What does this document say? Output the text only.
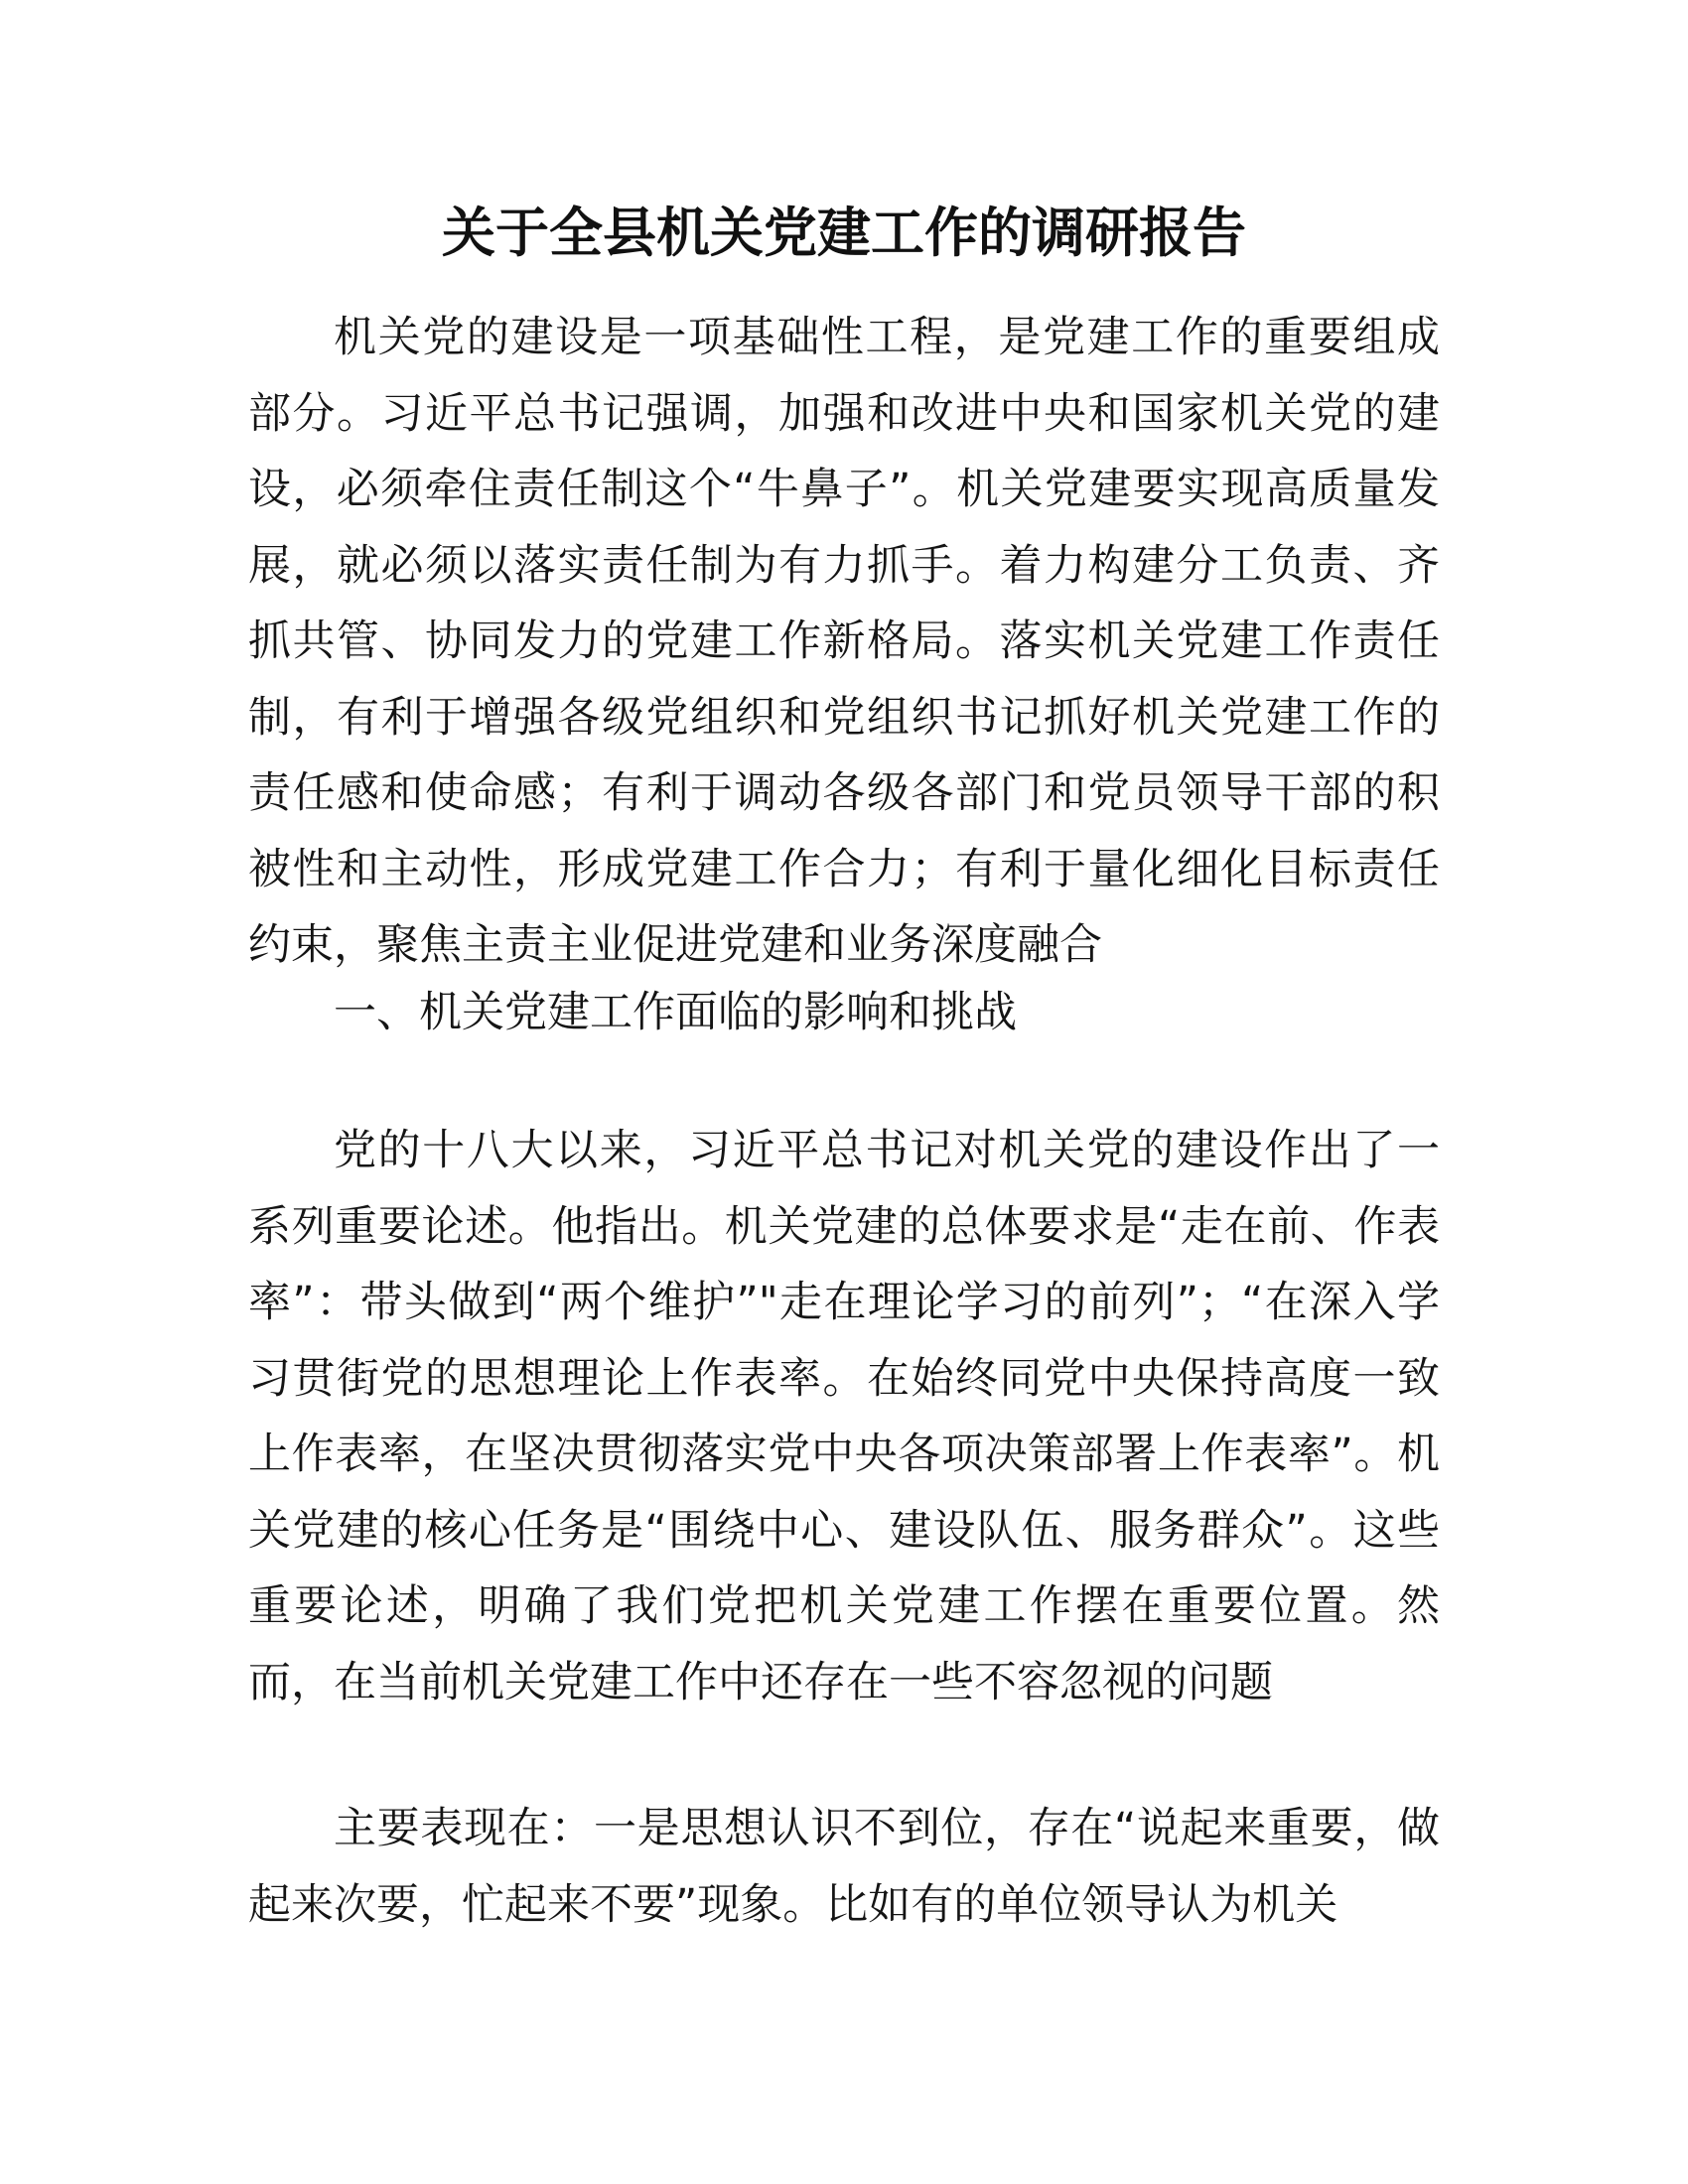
关于全县机关党建工作的调研报告

机关党的建设是一项基础性工程，是党建工作的重要组成部分。习近平总书记强调，加强和改进中央和国家机关党的建设，必须牵住责任制这个“牛鼻子”。机关党建要实现高质量发展，就必须以落实责任制为有力抓手。着力构建分工负责、齐抓共管、协同发力的党建工作新格局。落实机关党建工作责任制，有利于增强各级党组织和党组织书记抓好机关党建工作的责任感和使命感；有利于调动各级各部门和党员领导干部的积被性和主动性，形成党建工作合力；有利于量化细化目标责任约束，聚焦主责主业促进党建和业务深度融合

一、机关党建工作面临的影响和挑战

党的十八大以来，习近平总书记对机关党的建设作出了一系列重要论述。他指出。机关党建的总体要求是“走在前、作表率”：带头做到“两个维护”"走在理论学习的前列”；“在深入学习贯街党的思想理论上作表率。在始终同党中央保持高度一致上作表率，在坚决贯彻落实党中央各项决策部署上作表率”。机关党建的核心任务是“围绕中心、建设队伍、服务群众”。这些重要论述，明确了我们党把机关党建工作摆在重要位置。然而，在当前机关党建工作中还存在一些不容忽视的问题

主要表现在：一是思想认识不到位，存在“说起来重要，做起来次要，忙起来不要”现象。比如有的单位领导认为机关
